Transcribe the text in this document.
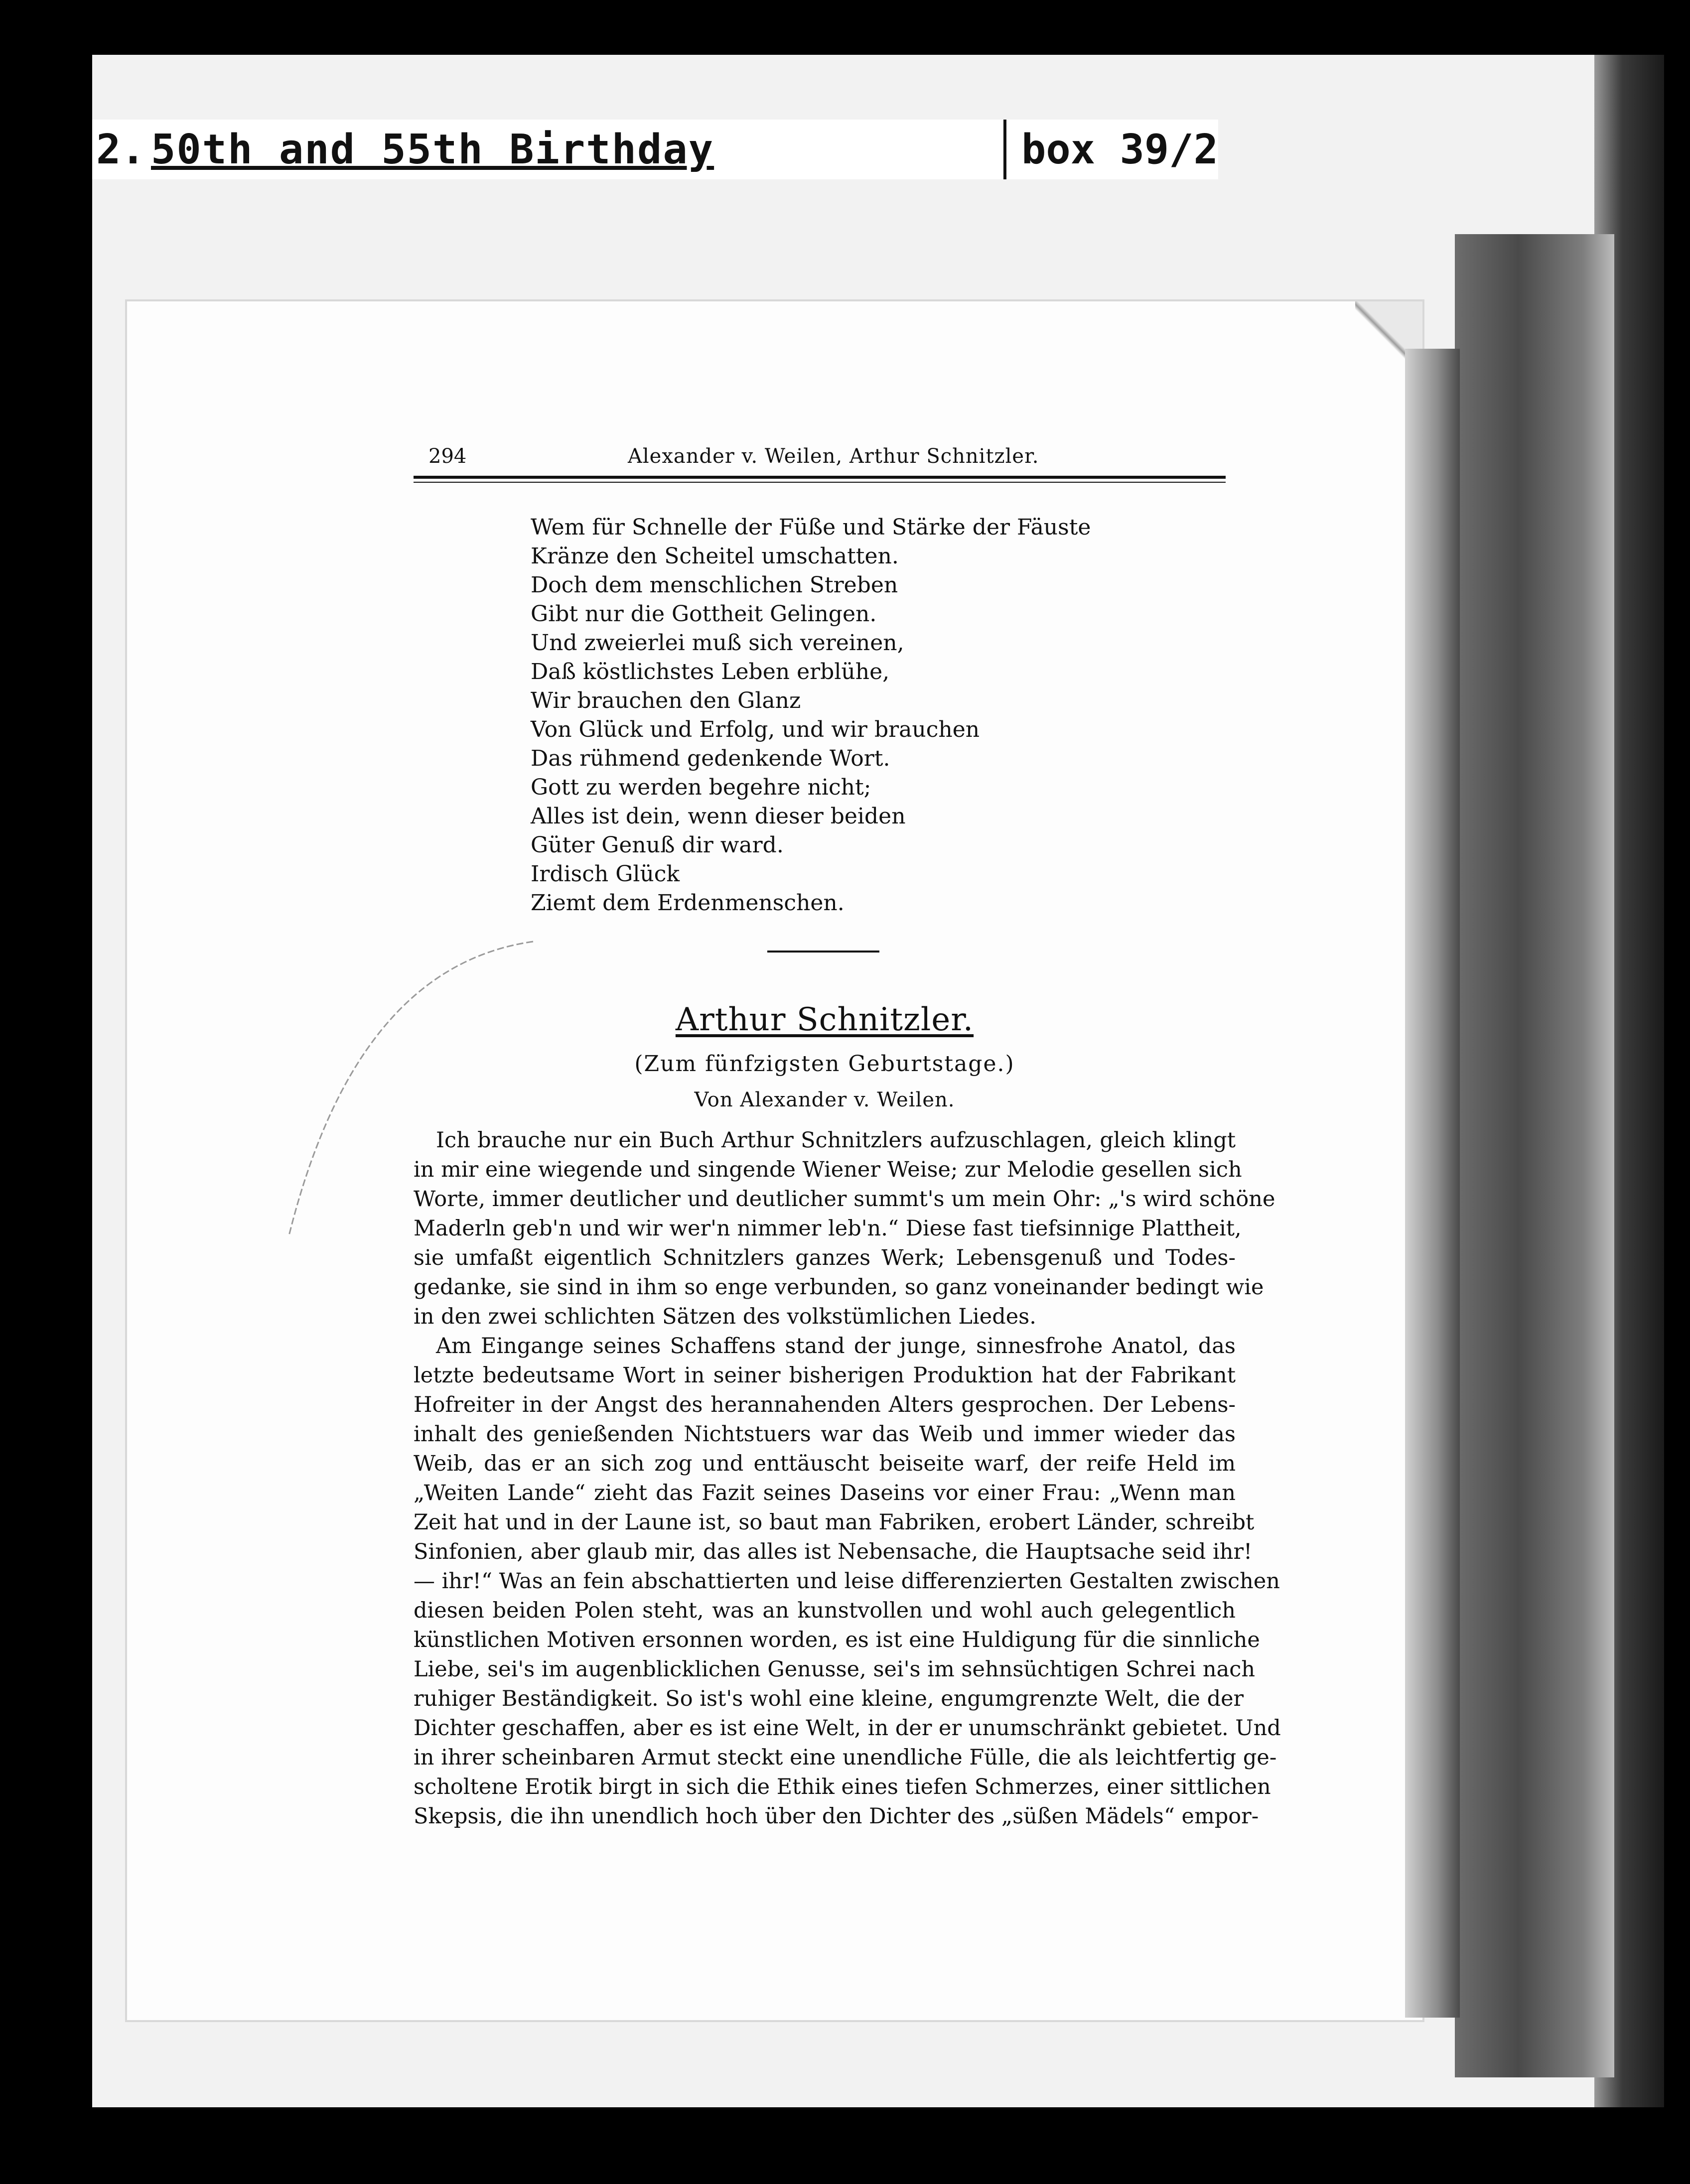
2. 50th and 55th Birthday	box 39/2
294	Alexander v. Weilen, Arthur Schnitzler.
Wem für Schnelle der Füße und Stärke der Fäuste
Kränze den Scheitel umschatten.
Doch dem menschlichen Streben
Gibt nur die Gottheit Gelingen.
Und zweierlei muß sich vereinen,
Daß köstlichstes Leben erblühe,
Wir brauchen den Glanz
Von Glück und Erfolg, und wir brauchen
Das rühmend gedenkende Wort.
Gott zu werden begehre nicht;
Alles ist dein, wenn dieser beiden
Güter Genuß dir ward.
Irdisch Glück
Ziemt dem Erdenmenschen.
Arthur Schnitzler.
(Zum fünfzigsten Geburtstage.)
Von Alexander v. Weilen.
Ich brauche nur ein Buch Arthur Schnitzlers aufzuschlagen, gleich klingt
in mir eine wiegende und singende Wiener Weise; zur Melodie gesellen sich
Worte, immer deutlicher und deutlicher summt's um mein Ohr: „'s wird schöne
Maderln geb'n und wir wer'n nimmer leb'n.“ Diese fast tiefsinnige Plattheit,
sie umfaßt eigentlich Schnitzlers ganzes Werk; Lebensgenuß und Todes-
gedanke, sie sind in ihm so enge verbunden, so ganz voneinander bedingt wie
in den zwei schlichten Sätzen des volkstümlichen Liedes.
Am Eingange seines Schaffens stand der junge, sinnesfrohe Anatol, das
letzte bedeutsame Wort in seiner bisherigen Produktion hat der Fabrikant
Hofreiter in der Angst des herannahenden Alters gesprochen. Der Lebens-
inhalt des genießenden Nichtstuers war das Weib und immer wieder das
Weib, das er an sich zog und enttäuscht beiseite warf, der reife Held im
„Weiten Lande“ zieht das Fazit seines Daseins vor einer Frau: „Wenn man
Zeit hat und in der Laune ist, so baut man Fabriken, erobert Länder, schreibt
Sinfonien, aber glaub mir, das alles ist Nebensache, die Hauptsache seid ihr!
— ihr!“ Was an fein abschattierten und leise differenzierten Gestalten zwischen
diesen beiden Polen steht, was an kunstvollen und wohl auch gelegentlich
künstlichen Motiven ersonnen worden, es ist eine Huldigung für die sinnliche
Liebe, sei's im augenblicklichen Genusse, sei's im sehnsüchtigen Schrei nach
ruhiger Beständigkeit. So ist's wohl eine kleine, engumgrenzte Welt, die der
Dichter geschaffen, aber es ist eine Welt, in der er unumschränkt gebietet. Und
in ihrer scheinbaren Armut steckt eine unendliche Fülle, die als leichtfertig ge-
scholtene Erotik birgt in sich die Ethik eines tiefen Schmerzes, einer sittlichen
Skepsis, die ihn unendlich hoch über den Dichter des „süßen Mädels“ empor-
